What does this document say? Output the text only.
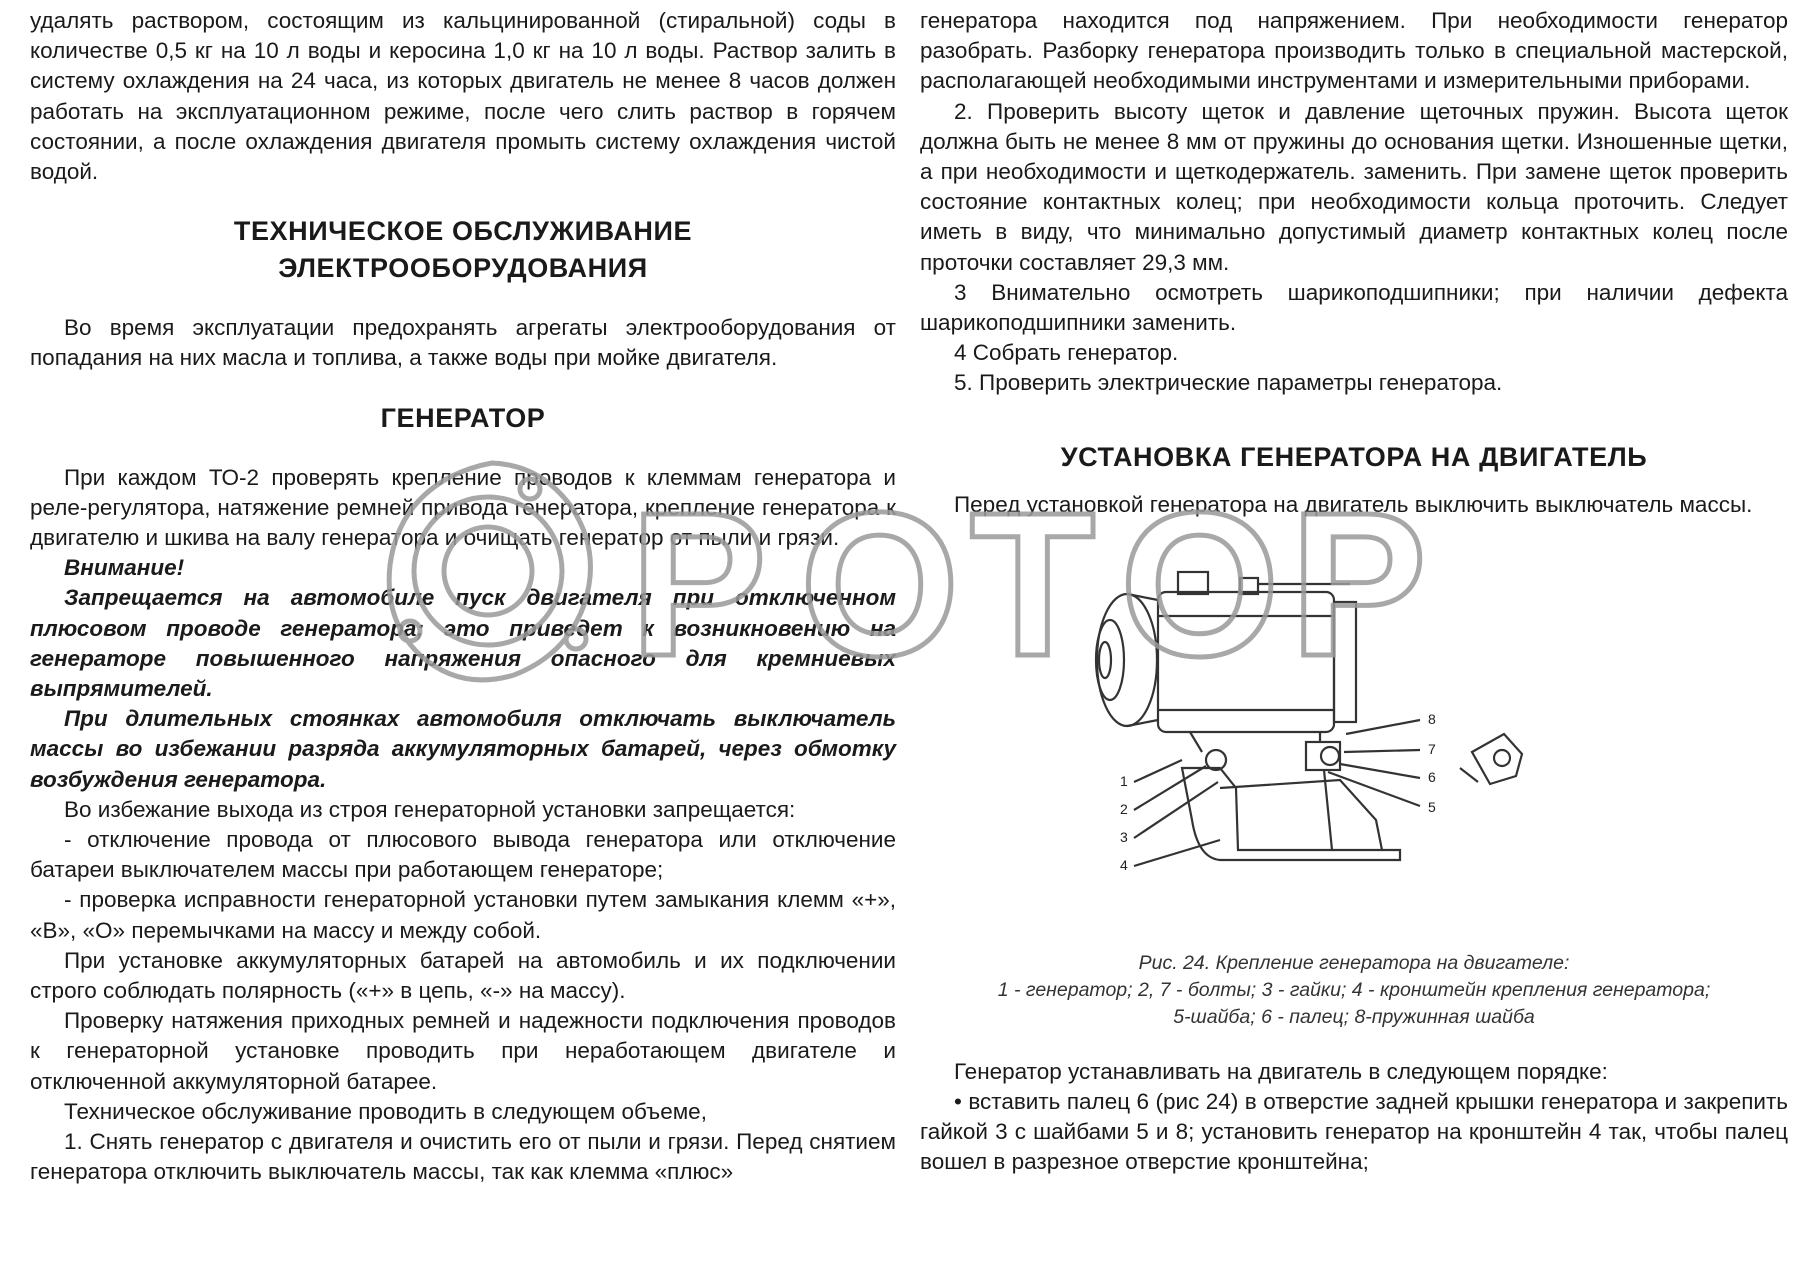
удалять раствором, состоящим из кальцинированной (стиральной) соды в количестве 0,5 кг на 10 л воды и керосина 1,0 кг на 10 л воды. Раствор залить в систему охлаждения на 24 часа, из которых двигатель не менее 8 часов должен работать на эксплуатационном режиме, после чего слить раствор в горячем состоянии, а после охлаждения двигателя промыть систему охлаждения чистой водой.

ТЕХНИЧЕСКОЕ ОБСЛУЖИВАНИЕ
ЭЛЕКТРООБОРУДОВАНИЯ

Во время эксплуатации предохранять агрегаты электрооборудования от попадания на них масла и топлива, а также воды при мойке двигателя.

ГЕНЕРАТОР

При каждом ТО-2 проверять крепление проводов к клеммам генератора и реле-регулятора, натяжение ремней привода генератора, крепление генератора к двигателю и шкива на валу генератора и очищать генератор от пыли и грязи.

Внимание!

Запрещается на автомобиле пуск двигателя при отключенном плюсовом проводе генератора; это приведет к возникновению на генераторе повышенного напряжения опасного для кремниевых выпрямителей.

При длительных стоянках автомобиля отключать выключатель массы во избежании разряда аккумуляторных батарей, через обмотку возбуждения генератора.

Во избежание выхода из строя генераторной установки запрещается:

- отключение провода от плюсового вывода генератора или отключение батареи выключателем массы при работающем генераторе;

- проверка исправности генераторной установки путем замыкания клемм «+», «В», «О» перемычками на массу и между собой.

При установке аккумуляторных батарей на автомобиль и их подключении строго соблюдать полярность («+» в цепь, «-» на массу).

Проверку натяжения приходных ремней и надежности подключения проводов к генераторной установке проводить при неработающем двигателе и отключенной аккумуляторной батарее.

Техническое обслуживание проводить в следующем объеме,

1. Снять генератор с двигателя и очистить его от пыли и грязи. Перед снятием генератора отключить выключатель массы, так как клемма «плюс»

генератора находится под напряжением. При необходимости генератор разобрать. Разборку генератора производить только в специальной мастерской, располагающей необходимыми инструментами и измерительными приборами.

2. Проверить высоту щеток и давление щеточных пружин. Высота щеток должна быть не менее 8 мм от пружины до основания щетки. Изношенные щетки, а при необходимости и щеткодержатель. заменить. При замене щеток проверить состояние контактных колец; при необходимости кольца проточить. Следует иметь в виду, что минимально допустимый диаметр контактных колец после проточки составляет 29,3 мм.

3 Внимательно осмотреть шарикоподшипники; при наличии дефекта шарикоподшипники заменить.

4 Собрать генератор.

5. Проверить электрические параметры генератора.

УСТАНОВКА ГЕНЕРАТОРА НА ДВИГАТЕЛЬ

Перед установкой генератора на двигатель выключить выключатель массы.

1
2
3
4
5
6
7
8

Рис. 24. Крепление генератора на двигателе:

1 - генератор; 2, 7 - болты; 3 - гайки; 4 - кронштейн крепления генератора;

5-шайба; 6 - палец; 8-пружинная шайба

Генератор устанавливать на двигатель в следующем порядке:

• вставить палец 6 (рис 24) в отверстие задней крышки генератора и закрепить гайкой 3 с шайбами 5 и 8; установить генератор на кронштейн 4 так, чтобы палец вошел в разрезное отверстие кронштейна;

Р О Т О Р
